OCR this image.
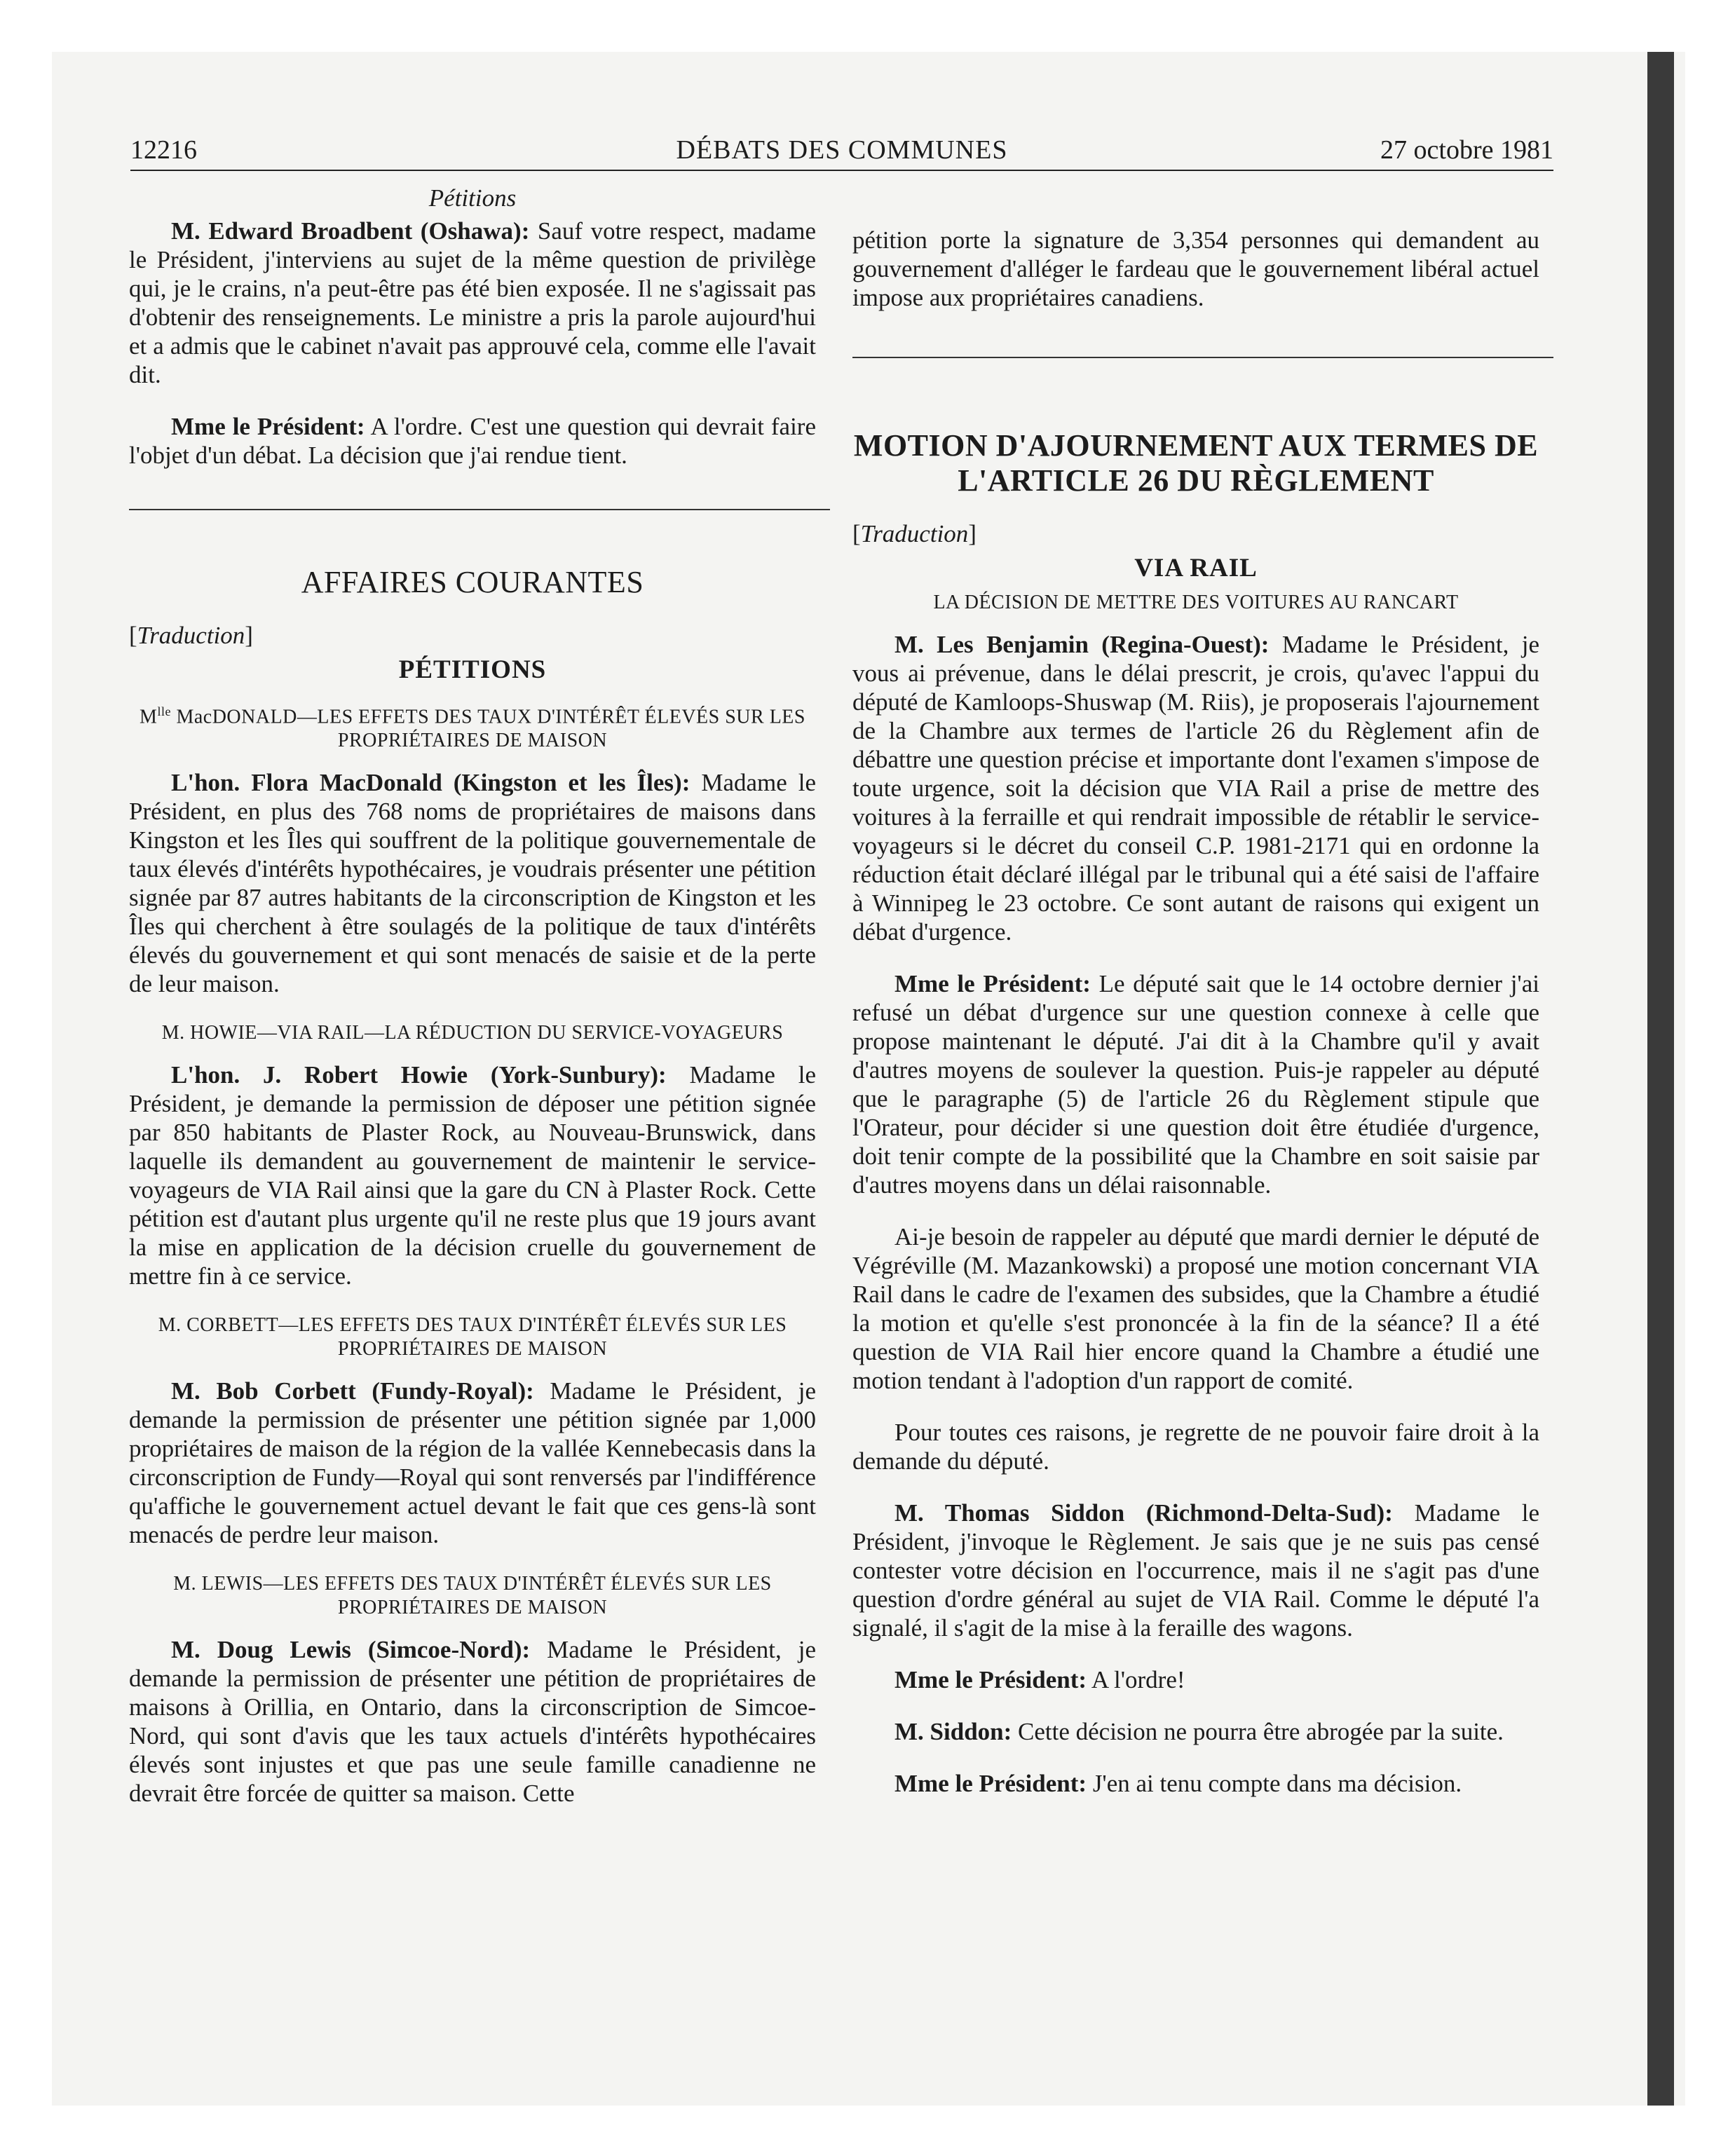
12216	DÉBATS DES COMMUNES	27 octobre 1981
Pétitions

M. Edward Broadbent (Oshawa): Sauf votre respect, madame le Président, j'interviens au sujet de la même question de privilège qui, je le crains, n'a peut-être pas été bien exposée. Il ne s'agissait pas d'obtenir des renseignements. Le ministre a pris la parole aujourd'hui et a admis que le cabinet n'avait pas approuvé cela, comme elle l'avait dit.

Mme le Président: A l'ordre. C'est une question qui devrait faire l'objet d'un débat. La décision que j'ai rendue tient.

AFFAIRES COURANTES
[Traduction]
PÉTITIONS
$M^{lle}$ MacDONALD—LES EFFETS DES TAUX D'INTÉRÊT ÉLEVÉS SUR LES PROPRIÉTAIRES DE MAISON

L'hon. Flora MacDonald (Kingston et les Îles): Madame le Président, en plus des 768 noms de propriétaires de maisons dans Kingston et les Îles qui souffrent de la politique gouvernementale de taux élevés d'intérêts hypothécaires, je voudrais présenter une pétition signée par 87 autres habitants de la circonscription de Kingston et les Îles qui cherchent à être soulagés de la politique de taux d'intérêts élevés du gouvernement et qui sont menacés de saisie et de la perte de leur maison.

M. HOWIE—VIA RAIL—LA RÉDUCTION DU SERVICE-VOYAGEURS

L'hon. J. Robert Howie (York-Sunbury): Madame le Président, je demande la permission de déposer une pétition signée par 850 habitants de Plaster Rock, au Nouveau-Brunswick, dans laquelle ils demandent au gouvernement de maintenir le service-voyageurs de VIA Rail ainsi que la gare du CN à Plaster Rock. Cette pétition est d'autant plus urgente qu'il ne reste plus que 19 jours avant la mise en application de la décision cruelle du gouvernement de mettre fin à ce service.

M. CORBETT—LES EFFETS DES TAUX D'INTÉRÊT ÉLEVÉS SUR LES PROPRIÉTAIRES DE MAISON

M. Bob Corbett (Fundy-Royal): Madame le Président, je demande la permission de présenter une pétition signée par 1,000 propriétaires de maison de la région de la vallée Kennebecasis dans la circonscription de Fundy—Royal qui sont renversés par l'indifférence qu'affiche le gouvernement actuel devant le fait que ces gens-là sont menacés de perdre leur maison.

M. LEWIS—LES EFFETS DES TAUX D'INTÉRÊT ÉLEVÉS SUR LES PROPRIÉTAIRES DE MAISON

M. Doug Lewis (Simcoe-Nord): Madame le Président, je demande la permission de présenter une pétition de propriétaires de maisons à Orillia, en Ontario, dans la circonscription de Simcoe-Nord, qui sont d'avis que les taux actuels d'intérêts hypothécaires élevés sont injustes et que pas une seule famille canadienne ne devrait être forcée de quitter sa maison. Cette

pétition porte la signature de 3,354 personnes qui demandent au gouvernement d'alléger le fardeau que le gouvernement libéral actuel impose aux propriétaires canadiens.

MOTION D'AJOURNEMENT AUX TERMES DE L'ARTICLE 26 DU RÈGLEMENT
[Traduction]
VIA RAIL
LA DÉCISION DE METTRE DES VOITURES AU RANCART

M. Les Benjamin (Regina-Ouest): Madame le Président, je vous ai prévenue, dans le délai prescrit, je crois, qu'avec l'appui du député de Kamloops-Shuswap (M. Riis), je proposerais l'ajournement de la Chambre aux termes de l'article 26 du Règlement afin de débattre une question précise et importante dont l'examen s'impose de toute urgence, soit la décision que VIA Rail a prise de mettre des voitures à la ferraille et qui rendrait impossible de rétablir le service-voyageurs si le décret du conseil C.P. 1981-2171 qui en ordonne la réduction était déclaré illégal par le tribunal qui a été saisi de l'affaire à Winnipeg le 23 octobre. Ce sont autant de raisons qui exigent un débat d'urgence.

Mme le Président: Le député sait que le 14 octobre dernier j'ai refusé un débat d'urgence sur une question connexe à celle que propose maintenant le député. J'ai dit à la Chambre qu'il y avait d'autres moyens de soulever la question. Puis-je rappeler au député que le paragraphe (5) de l'article 26 du Règlement stipule que l'Orateur, pour décider si une question doit être étudiée d'urgence, doit tenir compte de la possibilité que la Chambre en soit saisie par d'autres moyens dans un délai raisonnable.

Ai-je besoin de rappeler au député que mardi dernier le député de Végréville (M. Mazankowski) a proposé une motion concernant VIA Rail dans le cadre de l'examen des subsides, que la Chambre a étudié la motion et qu'elle s'est prononcée à la fin de la séance? Il a été question de VIA Rail hier encore quand la Chambre a étudié une motion tendant à l'adoption d'un rapport de comité.

Pour toutes ces raisons, je regrette de ne pouvoir faire droit à la demande du député.

M. Thomas Siddon (Richmond-Delta-Sud): Madame le Président, j'invoque le Règlement. Je sais que je ne suis pas censé contester votre décision en l'occurrence, mais il ne s'agit pas d'une question d'ordre général au sujet de VIA Rail. Comme le député l'a signalé, il s'agit de la mise à la feraille des wagons.

Mme le Président: A l'ordre!

M. Siddon: Cette décision ne pourra être abrogée par la suite.

Mme le Président: J'en ai tenu compte dans ma décision.
